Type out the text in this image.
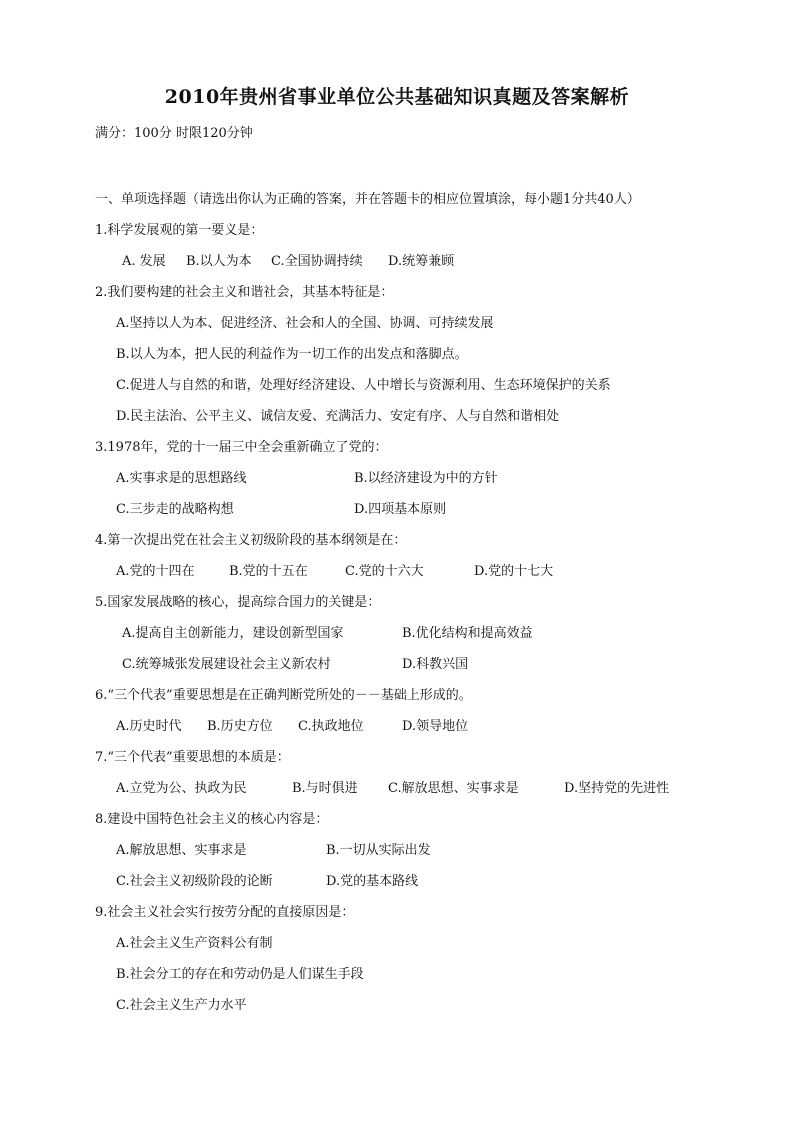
2010年贵州省事业单位公共基础知识真题及答案解析
满分：100分 时限120分钟
一、单项选择题（请选出你认为正确的答案，并在答题卡的相应位置填涂，每小题1分共40人）
1.科学发展观的第一要义是：
A. 发展 B.以人为本 C.全国协调持续 D.统筹兼顾
2.我们要构建的社会主义和谐社会，其基本特征是：
A.坚持以人为本、促进经济、社会和人的全国、协调、可持续发展
B.以人为本，把人民的利益作为一切工作的出发点和落脚点。
C.促进人与自然的和谐，处理好经济建设、人中增长与资源利用、生态环境保护的关系
D.民主法治、公平主义、诚信友爱、充满活力、安定有序、人与自然和谐相处
3.1978年，党的十一届三中全会重新确立了党的：
A.实事求是的思想路线	B.以经济建设为中的方针
C.三步走的战略构想	D.四项基本原则
4.第一次提出党在社会主义初级阶段的基本纲领是在：
A.党的十四在	B.党的十五在	C.党的十六大	D.党的十七大
5.国家发展战略的核心，提高综合国力的关键是：
A.提高自主创新能力，建设创新型国家	B.优化结构和提高效益
C.统筹城张发展建设社会主义新农村	D.科教兴国
6.“三个代表”重要思想是在正确判断党所处的－－基础上形成的。
A.历史时代 B.历史方位 C.执政地位	D.领导地位
7.“三个代表”重要思想的本质是：
A.立党为公、执政为民	B.与时俱进 C.解放思想、实事求是	D.坚持党的先进性
8.建设中国特色社会主义的核心内容是：
A.解放思想、实事求是	B.一切从实际出发
C.社会主义初级阶段的论断	D.党的基本路线
9.社会主义社会实行按劳分配的直接原因是：
A.社会主义生产资料公有制
B.社会分工的存在和劳动仍是人们谋生手段
C.社会主义生产力水平
